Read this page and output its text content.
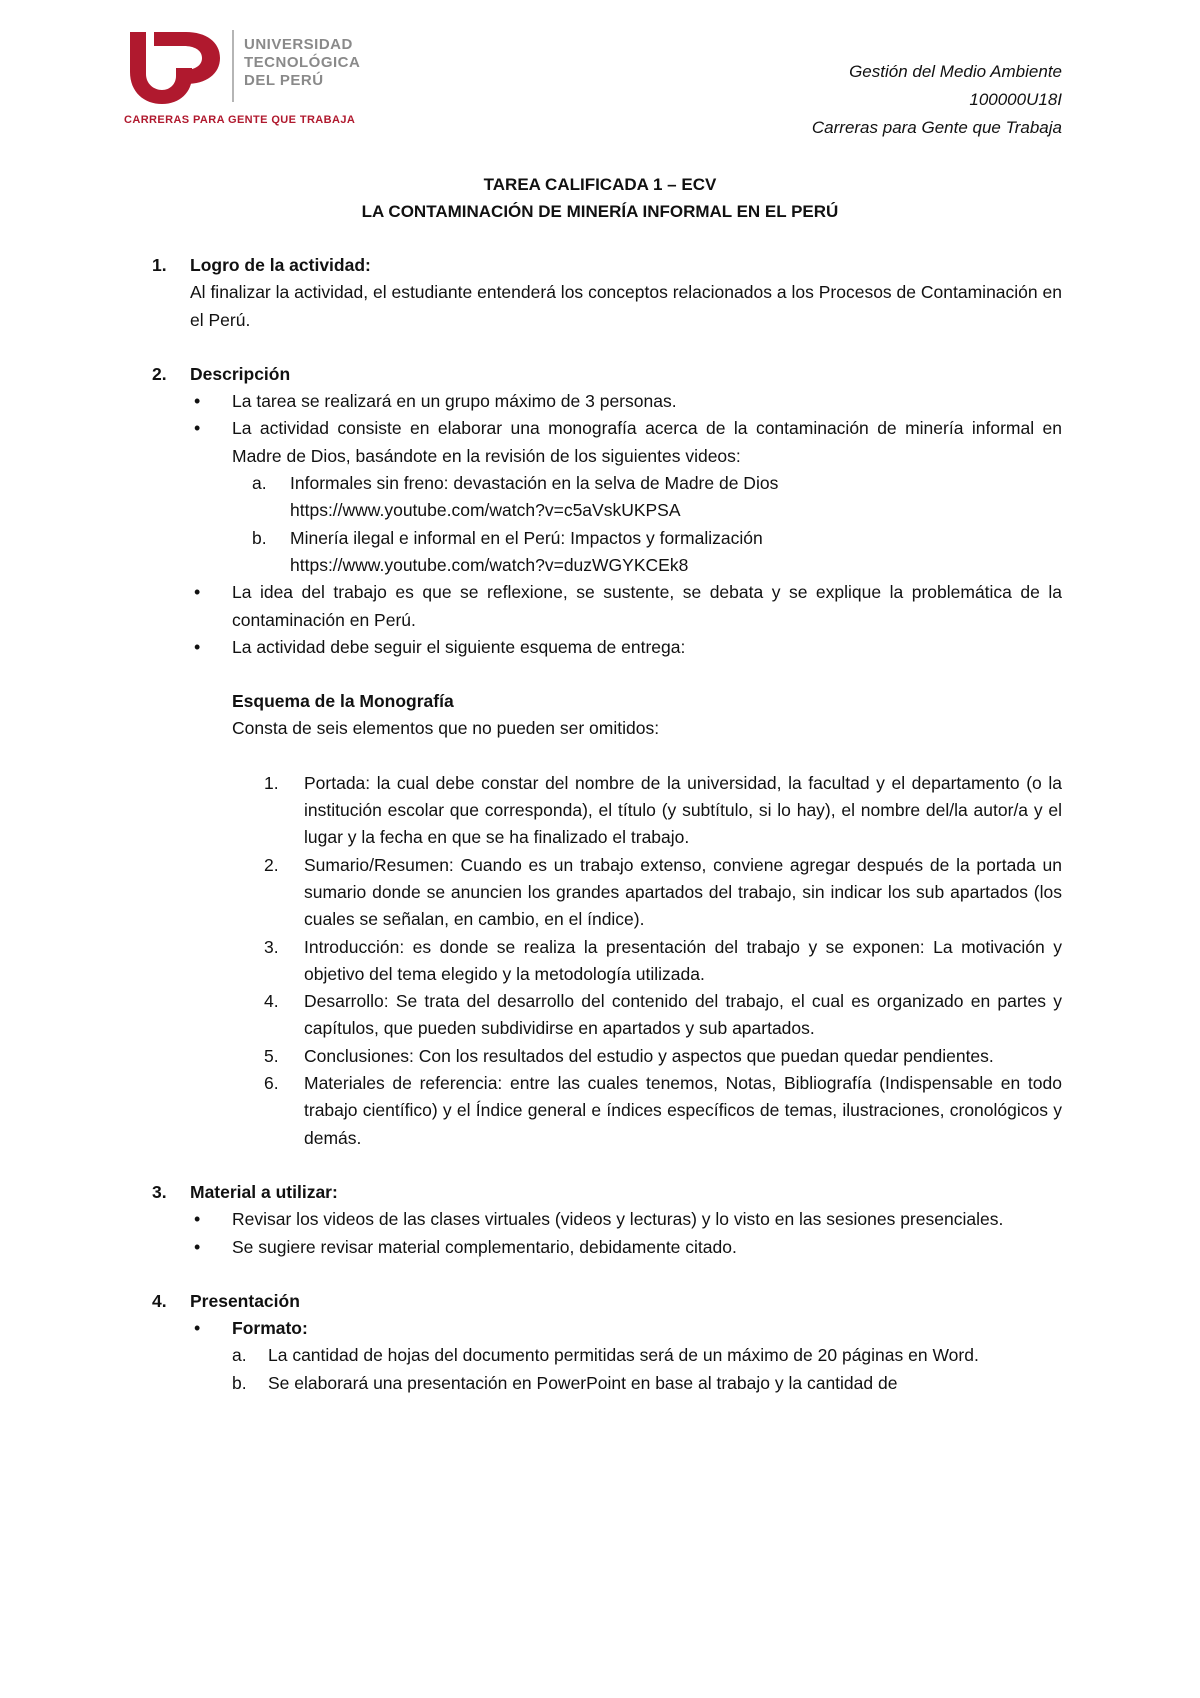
UNIVERSIDAD
TECNOLÓGICA
DEL PERÚ
CARRERAS PARA GENTE QUE TRABAJA
Gestión del Medio Ambiente
100000U18I
Carreras para Gente que Trabaja
TAREA CALIFICADA 1 – ECV
LA CONTAMINACIÓN DE MINERÍA INFORMAL EN EL PERÚ
1. Logro de la actividad:
Al finalizar la actividad, el estudiante entenderá los conceptos relacionados a los Procesos de Contaminación en el Perú.
2. Descripción
• La tarea se realizará en un grupo máximo de 3 personas.
• La actividad consiste en elaborar una monografía acerca de la contaminación de minería informal en Madre de Dios, basándote en la revisión de los siguientes videos:
a. Informales sin freno: devastación en la selva de Madre de Dios
https://www.youtube.com/watch?v=c5aVskUKPSA
b. Minería ilegal e informal en el Perú: Impactos y formalización
https://www.youtube.com/watch?v=duzWGYKCEk8
• La idea del trabajo es que se reflexione, se sustente, se debata y se explique la problemática de la contaminación en Perú.
• La actividad debe seguir el siguiente esquema de entrega:
Esquema de la Monografía
Consta de seis elementos que no pueden ser omitidos:
1. Portada: la cual debe constar del nombre de la universidad, la facultad y el departamento (o la institución escolar que corresponda), el título (y subtítulo, si lo hay), el nombre del/la autor/a y el lugar y la fecha en que se ha finalizado el trabajo.
2. Sumario/Resumen: Cuando es un trabajo extenso, conviene agregar después de la portada un sumario donde se anuncien los grandes apartados del trabajo, sin indicar los sub apartados (los cuales se señalan, en cambio, en el índice).
3. Introducción: es donde se realiza la presentación del trabajo y se exponen: La motivación y objetivo del tema elegido y la metodología utilizada.
4. Desarrollo: Se trata del desarrollo del contenido del trabajo, el cual es organizado en partes y capítulos, que pueden subdividirse en apartados y sub apartados.
5. Conclusiones: Con los resultados del estudio y aspectos que puedan quedar pendientes.
6. Materiales de referencia: entre las cuales tenemos, Notas, Bibliografía (Indispensable en todo trabajo científico) y el Índice general e índices específicos de temas, ilustraciones, cronológicos y demás.
3. Material a utilizar:
• Revisar los videos de las clases virtuales (videos y lecturas) y lo visto en las sesiones presenciales.
• Se sugiere revisar material complementario, debidamente citado.
4. Presentación
• Formato:
a. La cantidad de hojas del documento permitidas será de un máximo de 20 páginas en Word.
b. Se elaborará una presentación en PowerPoint en base al trabajo y la cantidad de
